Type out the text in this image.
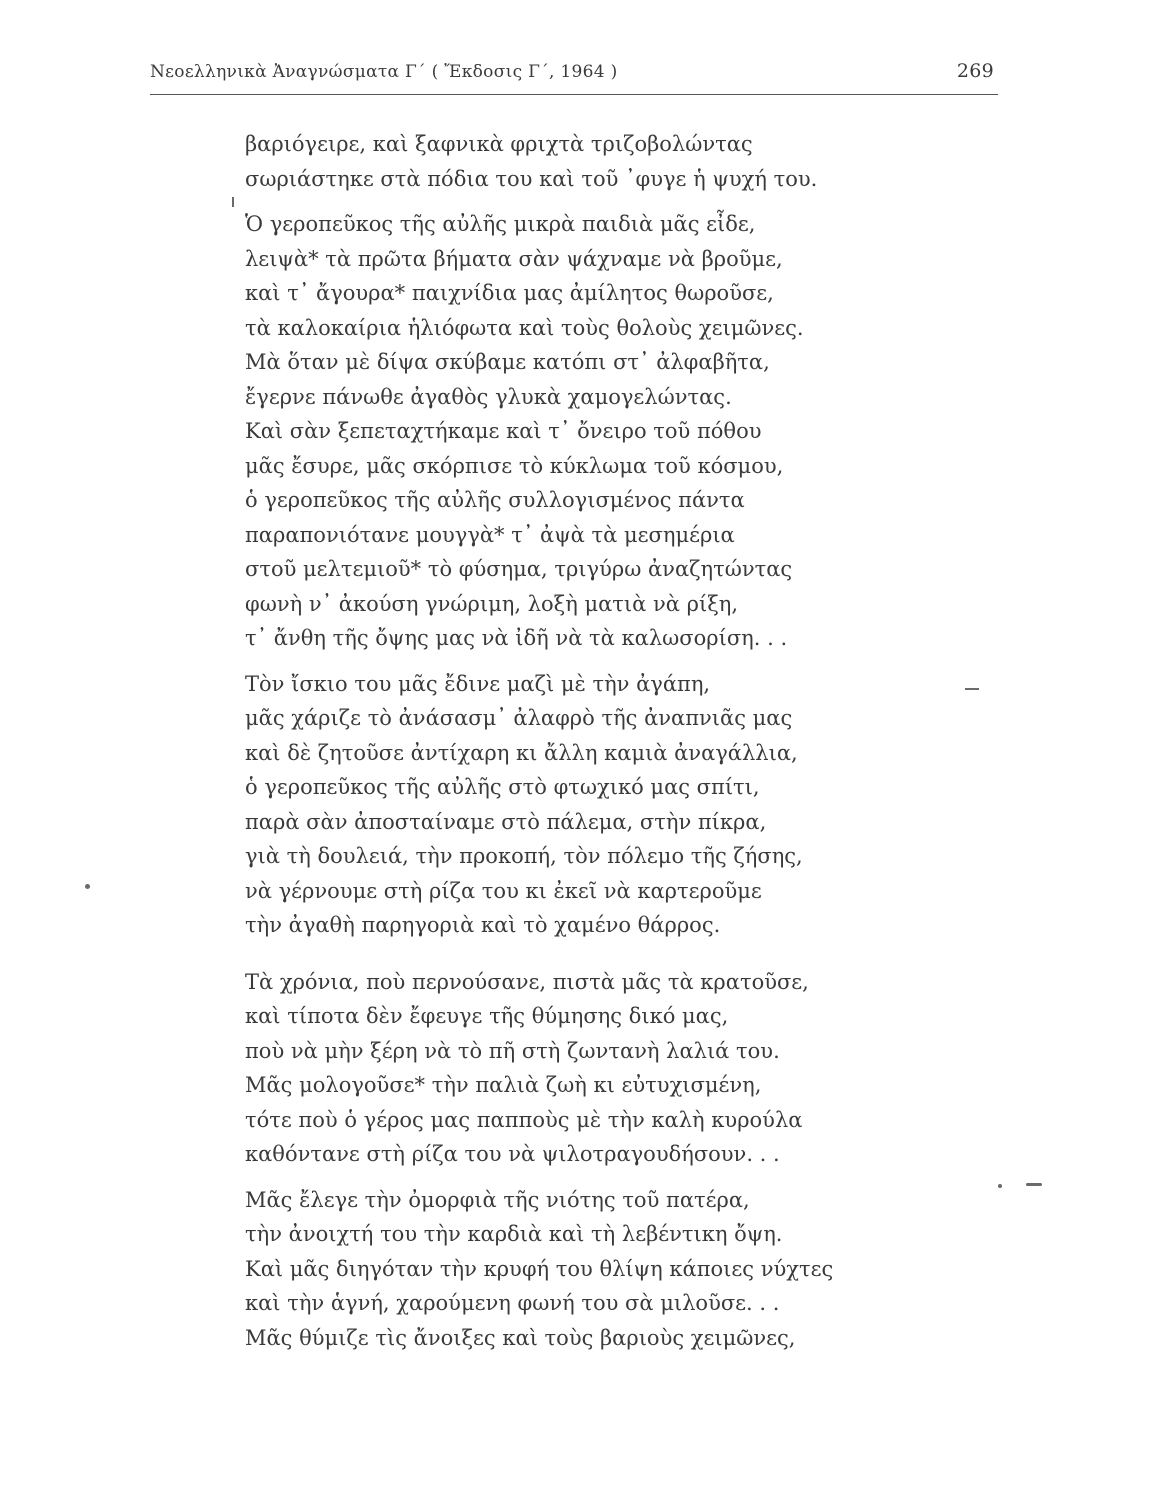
Νεοελληνικὰ Ἀναγνώσματα Γ΄ ( Ἔκδοσις Γ΄, 1964 )	269
βαριόγειρε, καὶ ξαφνικὰ φριχτὰ τριζοβολώντας
σωριάστηκε στὰ πόδια του καὶ τοῦ ᾿φυγε ἡ ψυχή του.
Ὁ γεροπεῦκος τῆς αὐλῆς μικρὰ παιδιὰ μᾶς εἶδε,
λειψὰ* τὰ πρῶτα βήματα σὰν ψάχναμε νὰ βροῦμε,
καὶ τ᾿ ἄγουρα* παιχνίδια μας ἀμίλητος θωροῦσε,
τὰ καλοκαίρια ἡλιόφωτα καὶ τοὺς θολοὺς χειμῶνες.
Μὰ ὅταν μὲ δίψα σκύβαμε κατόπι στ᾿ ἀλφαβῆτα,
ἔγερνε πάνωθε ἀγαθὸς γλυκὰ χαμογελώντας.
Καὶ σὰν ξεπεταχτήκαμε καὶ τ᾿ ὄνειρο τοῦ πόθου
μᾶς ἔσυρε, μᾶς σκόρπισε τὸ κύκλωμα τοῦ κόσμου,
ὁ γεροπεῦκος τῆς αὐλῆς συλλογισμένος πάντα
παραπονιότανε μουγγὰ* τ᾿ ἀψὰ τὰ μεσημέρια
στοῦ μελτεμιοῦ* τὸ φύσημα, τριγύρω ἀναζητώντας
φωνὴ ν᾿ ἀκούση γνώριμη, λοξὴ ματιὰ νὰ ρίξη,
τ᾿ ἄνθη τῆς ὄψης μας νὰ ἰδῆ νὰ τὰ καλωσορίση. . .
Τὸν ἴσκιο του μᾶς ἔδινε μαζὶ μὲ τὴν ἀγάπη,
μᾶς χάριζε τὸ ἀνάσασμ᾿ ἀλαφρὸ τῆς ἀναπνιᾶς μας
καὶ δὲ ζητοῦσε ἀντίχαρη κι ἄλλη καμιὰ ἀναγάλλια,
ὁ γεροπεῦκος τῆς αὐλῆς στὸ φτωχικό μας σπίτι,
παρὰ σὰν ἀποσταίναμε στὸ πάλεμα, στὴν πίκρα,
γιὰ τὴ δουλειά, τὴν προκοπή, τὸν πόλεμο τῆς ζήσης,
νὰ γέρνουμε στὴ ρίζα του κι ἐκεῖ νὰ καρτεροῦμε
τὴν ἀγαθὴ παρηγοριὰ καὶ τὸ χαμένο θάρρος.
Τὰ χρόνια, ποὺ περνούσανε, πιστὰ μᾶς τὰ κρατοῦσε,
καὶ τίποτα δὲν ἔφευγε τῆς θύμησης δικό μας,
ποὺ νὰ μὴν ξέρη νὰ τὸ πῆ στὴ ζωντανὴ λαλιά του.
Μᾶς μολογοῦσε* τὴν παλιὰ ζωὴ κι εὐτυχισμένη,
τότε ποὺ ὁ γέρος μας παπποὺς μὲ τὴν καλὴ κυρούλα
καθόντανε στὴ ρίζα του νὰ ψιλοτραγουδήσουν. . .
Μᾶς ἔλεγε τὴν ὀμορφιὰ τῆς νιότης τοῦ πατέρα,
τὴν ἀνοιχτή του τὴν καρδιὰ καὶ τὴ λεβέντικη ὄψη.
Καὶ μᾶς διηγόταν τὴν κρυφή του θλίψη κάποιες νύχτες
καὶ τὴν ἁγνή, χαρούμενη φωνή του σὰ μιλοῦσε. . .
Μᾶς θύμιζε τὶς ἄνοιξες καὶ τοὺς βαριοὺς χειμῶνες,
